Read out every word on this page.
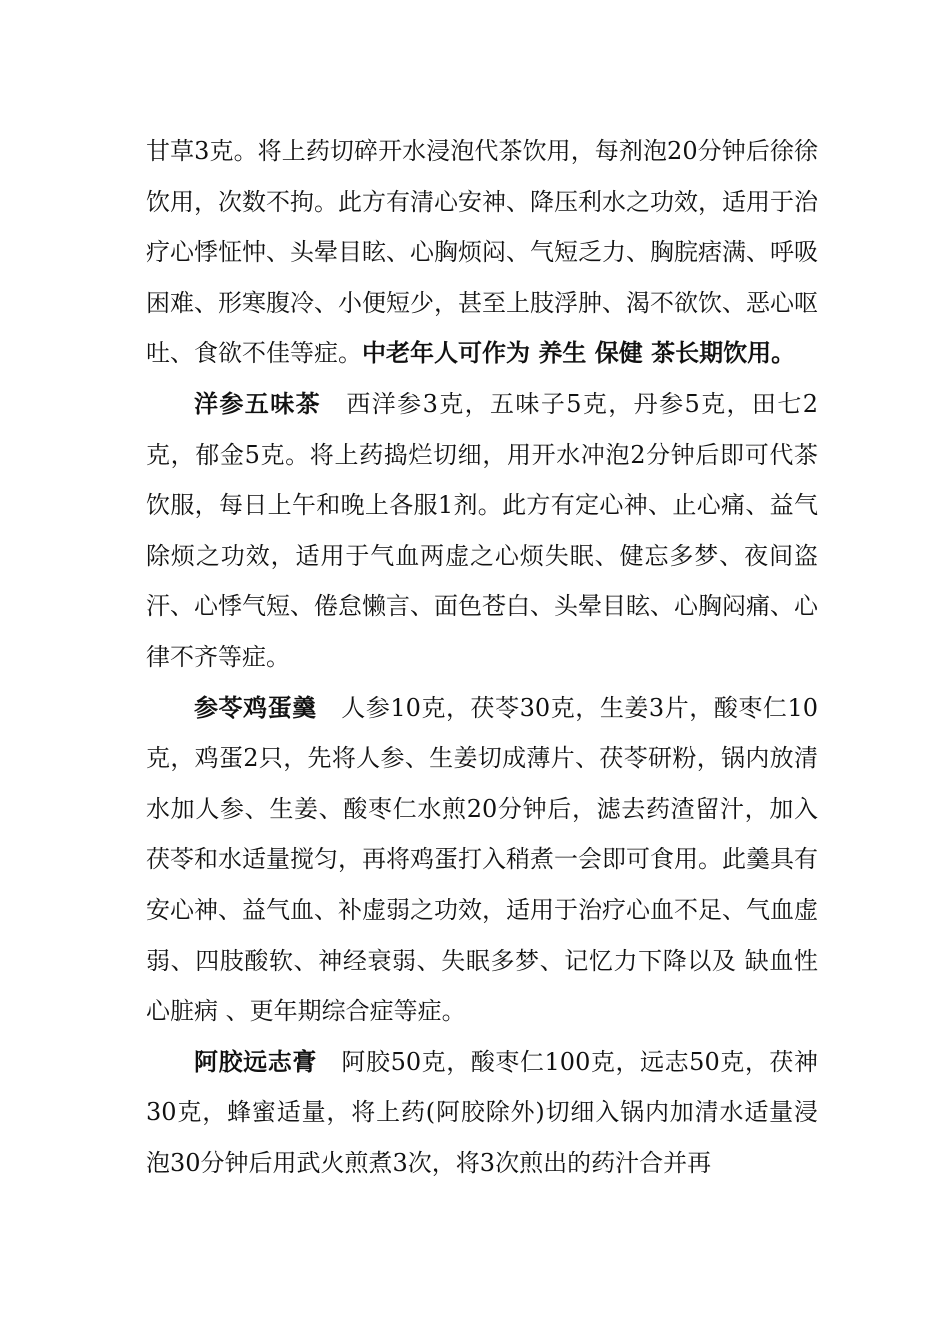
甘草3克。将上药切碎开水浸泡代茶饮用，每剂泡20分钟后徐徐饮用，次数不拘。此方有清心安神、降压利水之功效，适用于治疗心悸怔忡、头晕目眩、心胸烦闷、气短乏力、胸脘痞满、呼吸困难、形寒腹冷、小便短少，甚至上肢浮肿、渴不欲饮、恶心呕吐、食欲不佳等症。中老年人可作为 养生 保健 茶长期饮用。

洋参五味茶 西洋参3克，五味子5克，丹参5克，田七2克，郁金5克。将上药捣烂切细，用开水冲泡2分钟后即可代茶饮服，每日上午和晚上各服1剂。此方有定心神、止心痛、益气除烦之功效，适用于气血两虚之心烦失眠、健忘多梦、夜间盗汗、心悸气短、倦怠懒言、面色苍白、头晕目眩、心胸闷痛、心律不齐等症。

参苓鸡蛋羹 人参10克，茯苓30克，生姜3片，酸枣仁10克，鸡蛋2只，先将人参、生姜切成薄片、茯苓研粉，锅内放清水加人参、生姜、酸枣仁水煎20分钟后，滤去药渣留汁，加入茯苓和水适量搅匀，再将鸡蛋打入稍煮一会即可食用。此羹具有安心神、益气血、补虚弱之功效，适用于治疗心血不足、气血虚弱、四肢酸软、神经衰弱、失眠多梦、记忆力下降以及 缺血性心脏病 、更年期综合症等症。

阿胶远志膏 阿胶50克，酸枣仁100克，远志50克，茯神30克，蜂蜜适量，将上药(阿胶除外)切细入锅内加清水适量浸泡30分钟后用武火煎煮3次，将3次煎出的药汁合并再
